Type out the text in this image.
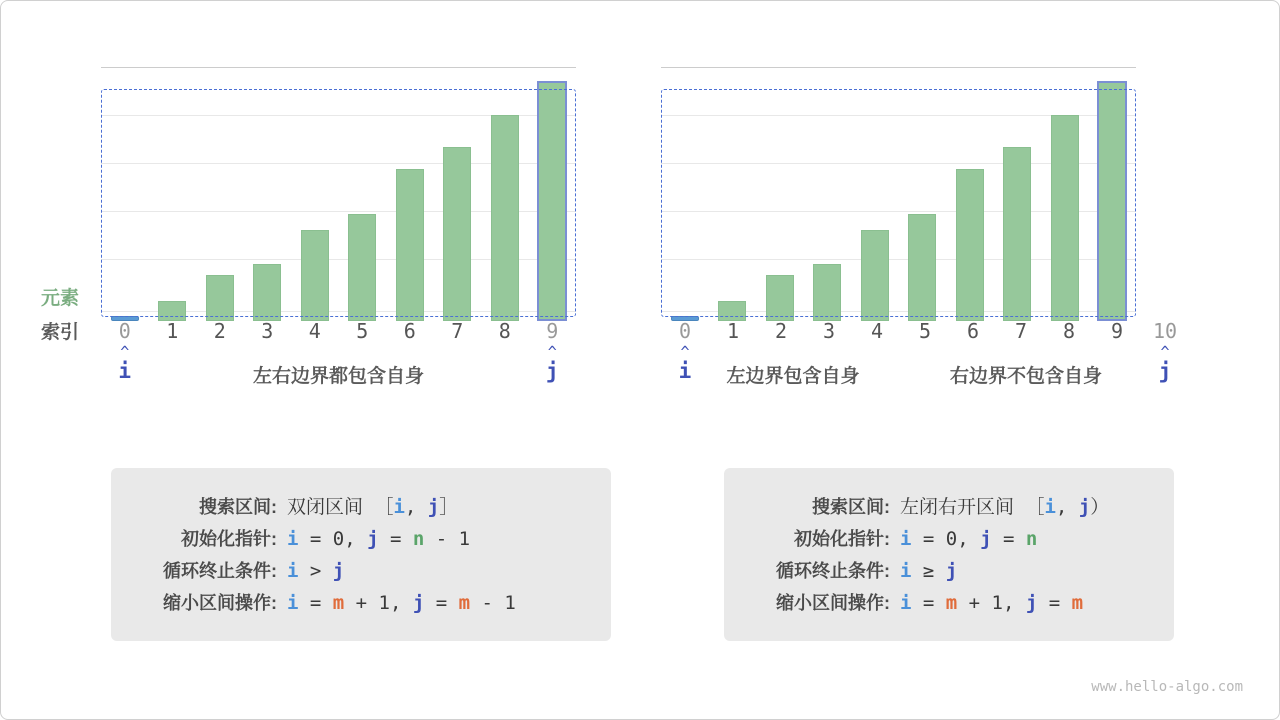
元素
索引	0	1	2	3	4	5	6	7	8	9
^	^
i	j
左右边界都包含自身
0	1	2	3	4	5	6	7	8	9	10
^	^
i	j
左边界包含自身	右边界不包含自身
搜索区间: 双闭区间 ［i, j］
初始化指针: i = 0, j = n - 1
循环终止条件: i > j
缩小区间操作: i = m + 1, j = m - 1
搜索区间: 左闭右开区间 ［i, j）
初始化指针: i = 0, j = n
循环终止条件: i ≥ j
缩小区间操作: i = m + 1, j = m
www.hello-algo.com
